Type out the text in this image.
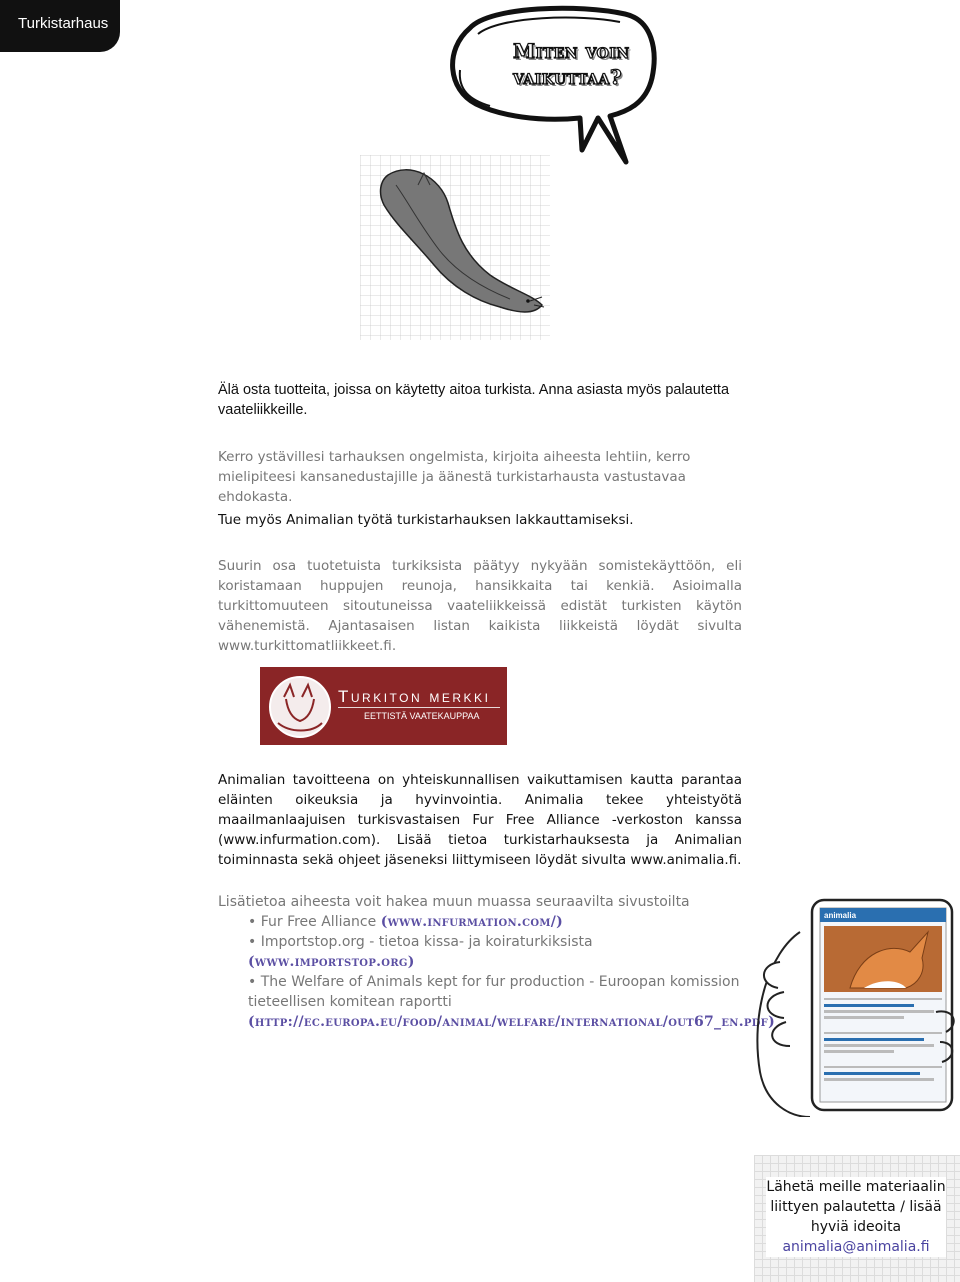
Turkistarhaus
Miten voin vaikuttaa?
Älä osta tuotteita, joissa on käytetty aitoa turkista. Anna asiasta myös palautetta vaateliikkeille.
Kerro ystävillesi tarhauksen ongelmista, kirjoita aiheesta lehtiin, kerro mielipiteesi kansanedustajille ja äänestä turkistarhausta vastustavaa ehdokasta.
Tue myös Animalian työtä turkistarhauksen lakkauttamiseksi.
Suurin osa tuotetuista turkiksista päätyy nykyään somistekäyttöön, eli koristamaan huppujen reunoja, hansikkaita tai kenkiä. Asioimalla turkittomuuteen sitoutuneissa vaateliikkeissä edistät turkisten käytön vähenemistä. Ajantasaisen listan kaikista liikkeistä löydät sivulta www.turkittomatliikkeet.fi.
Turkiton merkki
EETTISTÄ VAATEKAUPPAA
Animalian tavoitteena on yhteiskunnallisen vaikuttamisen kautta parantaa eläinten oikeuksia ja hyvinvointia. Animalia tekee yhteistyötä maailmanlaajuisen turkisvastaisen Fur Free Alliance -verkoston kanssa (www.infurmation.com). Lisää tietoa turkistarhauksesta ja Animalian toiminnasta sekä ohjeet jäseneksi liittymiseen löydät sivulta www.animalia.fi.
Lisätietoa aiheesta voit hakea muun muassa seuraavilta sivustoilta
• Fur Free Alliance (www.infurmation.com/)
• Importstop.org - tietoa kissa- ja koiraturkiksista (www.importstop.org)
• The Welfare of Animals kept for fur production - Euroopan komission tieteellisen komitean raportti (http://ec.europa.eu/food/animal/welfare/international/out67_en.pdf)
animalia
Lähetä meille materiaalin liittyen palautetta / lisää hyviä ideoita
animalia@animalia.fi
